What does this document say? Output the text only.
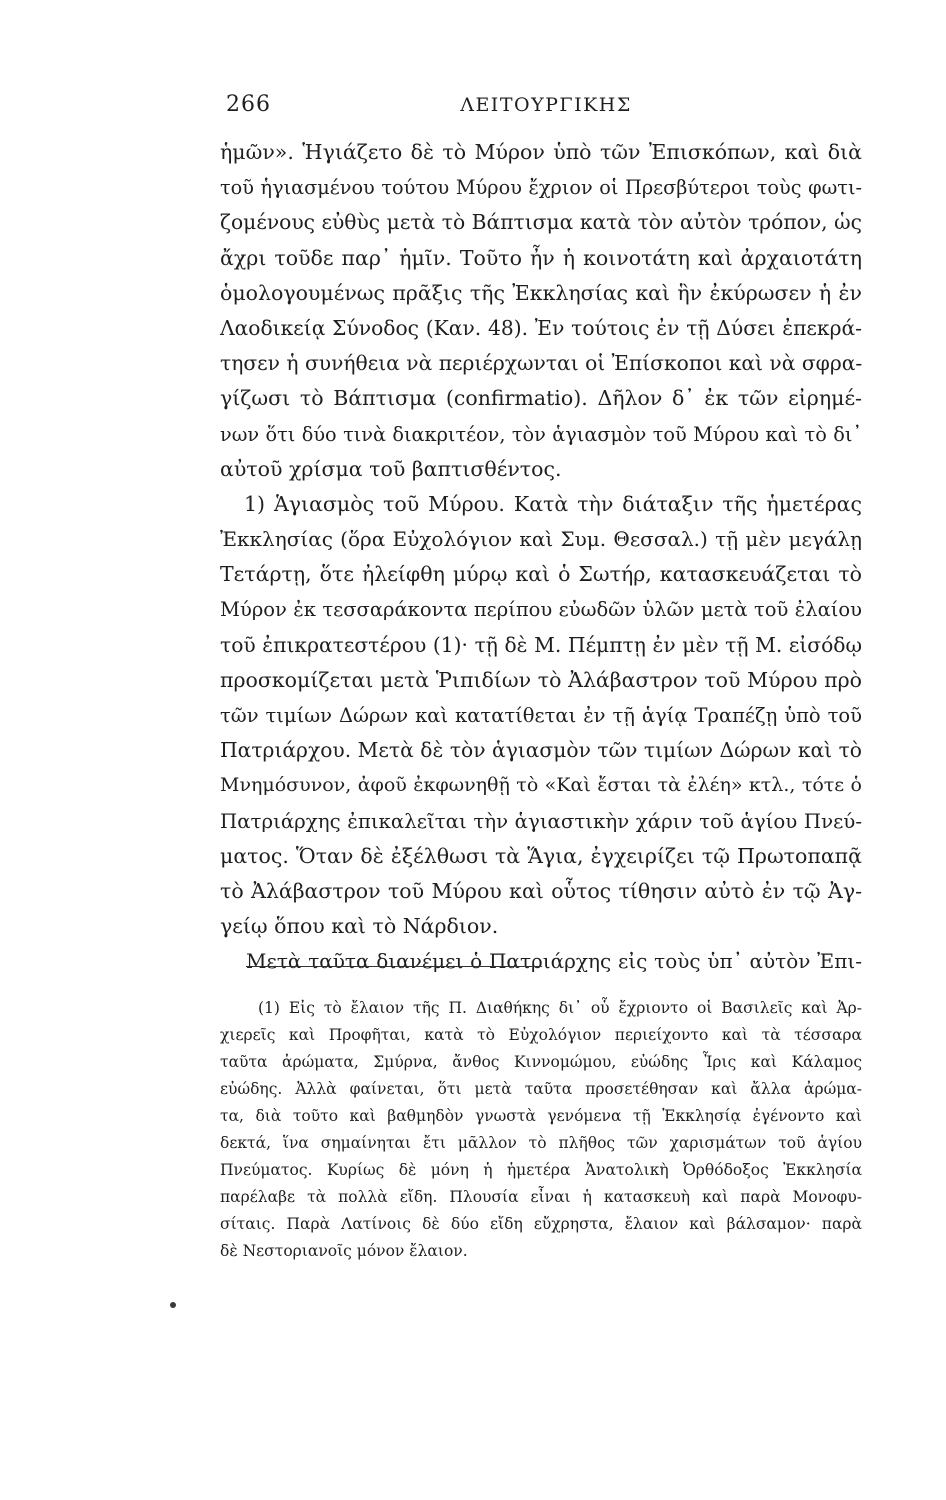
266	ΛΕΙΤΟΥΡΓΙΚΗΣ
ἡμῶν». Ἡγιάζετο δὲ τὸ Μύρον ὑπὸ τῶν Ἐπισκόπων, καὶ διὰ
τοῦ ἡγιασμένου τούτου Μύρου ἔχριον οἱ Πρεσβύτεροι τοὺς φωτι-
ζομένους εὐθὺς μετὰ τὸ Βάπτισμα κατὰ τὸν αὐτὸν τρόπον, ὡς
ἄχρι τοῦδε παρ᾽ ἡμῖν. Τοῦτο ἦν ἡ κοινοτάτη καὶ ἀρχαιοτάτη
ὁμολογουμένως πρᾶξις τῆς Ἐκκλησίας καὶ ἣν ἐκύρωσεν ἡ ἐν
Λαοδικείᾳ Σύνοδος (Καν. 48). Ἐν τούτοις ἐν τῇ Δύσει ἐπεκρά-
τησεν ἡ συνήθεια νὰ περιέρχωνται οἱ Ἐπίσκοποι καὶ νὰ σφρα-
γίζωσι τὸ Βάπτισμα (confirmatio). Δῆλον δ᾽ ἐκ τῶν εἰρημέ-
νων ὅτι δύο τινὰ διακριτέον, τὸν ἁγιασμὸν τοῦ Μύρου καὶ τὸ δι᾽
αὐτοῦ χρίσμα τοῦ βαπτισθέντος.
1) Ἁγιασμὸς τοῦ Μύρου. Κατὰ τὴν διάταξιν τῆς ἡμετέρας
Ἐκκλησίας (ὅρα Εὐχολόγιον καὶ Συμ. Θεσσαλ.) τῇ μὲν μεγάλῃ
Τετάρτῃ, ὅτε ἠλείφθη μύρῳ καὶ ὁ Σωτήρ, κατασκευάζεται τὸ
Μύρον ἐκ τεσσαράκοντα περίπου εὐωδῶν ὑλῶν μετὰ τοῦ ἐλαίου
τοῦ ἐπικρατεστέρου (1)· τῇ δὲ Μ. Πέμπτῃ ἐν μὲν τῇ Μ. εἰσόδῳ
προσκομίζεται μετὰ Ῥιπιδίων τὸ Ἀλάβαστρον τοῦ Μύρου πρὸ
τῶν τιμίων Δώρων καὶ κατατίθεται ἐν τῇ ἁγίᾳ Τραπέζῃ ὑπὸ τοῦ
Πατριάρχου. Μετὰ δὲ τὸν ἁγιασμὸν τῶν τιμίων Δώρων καὶ τὸ
Μνημόσυνον, ἀφοῦ ἐκφωνηθῇ τὸ «Καὶ ἔσται τὰ ἐλέη» κτλ., τότε ὁ
Πατριάρχης ἐπικαλεῖται τὴν ἁγιαστικὴν χάριν τοῦ ἁγίου Πνεύ-
ματος. Ὅταν δὲ ἐξέλθωσι τὰ Ἅγια, ἐγχειρίζει τῷ Πρωτοπαπᾷ
τὸ Ἀλάβαστρον τοῦ Μύρου καὶ οὗτος τίθησιν αὐτὸ ἐν τῷ Ἀγ-
γείῳ ὅπου καὶ τὸ Νάρδιον.
Μετὰ ταῦτα διανέμει ὁ Πατριάρχης εἰς τοὺς ὑπ᾽ αὐτὸν Ἐπι-
(1) Εἰς τὸ ἔλαιον τῆς Π. Διαθήκης δι᾽ οὗ ἔχριοντο οἱ Βασιλεῖς καὶ Ἀρ-
χιερεῖς καὶ Προφῆται, κατὰ τὸ Εὐχολόγιον περιείχοντο καὶ τὰ τέσσαρα
ταῦτα ἀρώματα, Σμύρνα, ἄνθος Κιννομώμου, εὐώδης Ἶρις καὶ Κάλαμος
εὐώδης. Ἀλλὰ φαίνεται, ὅτι μετὰ ταῦτα προσετέθησαν καὶ ἄλλα ἀρώμα-
τα, διὰ τοῦτο καὶ βαθμηδὸν γνωστὰ γενόμενα τῇ Ἐκκλησίᾳ ἐγένοντο καὶ
δεκτά, ἵνα σημαίνηται ἔτι μᾶλλον τὸ πλῆθος τῶν χαρισμάτων τοῦ ἁγίου
Πνεύματος. Κυρίως δὲ μόνη ἡ ἡμετέρα Ἀνατολικὴ Ὀρθόδοξος Ἐκκλησία
παρέλαβε τὰ πολλὰ εἴδη. Πλουσία εἶναι ἡ κατασκευὴ καὶ παρὰ Μονοφυ-
σίταις. Παρὰ Λατίνοις δὲ δύο εἴδη εὔχρηστα, ἔλαιον καὶ βάλσαμον· παρὰ
δὲ Νεστοριανοῖς μόνον ἔλαιον.
